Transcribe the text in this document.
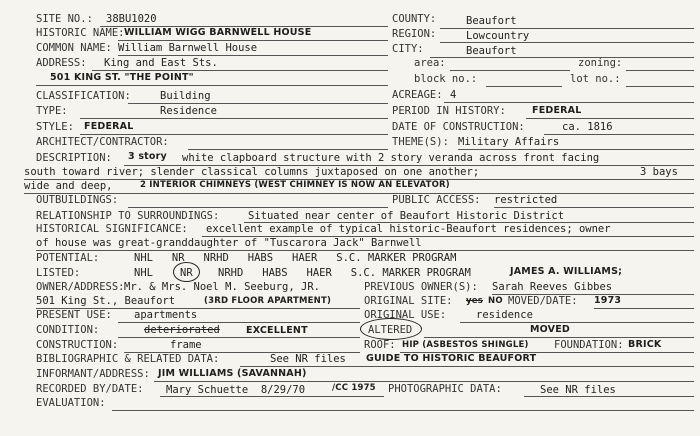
SITE NO.: 38BU1020
HISTORIC NAME: WILLIAM WIGG BARNWELL HOUSE
COMMON NAME: William Barnwell House
ADDRESS: King and East Sts.
501 KING ST. "THE POINT"
CLASSIFICATION:	Building
TYPE:	Residence
STYLE: FEDERAL
ARCHITECT/CONTRACTOR:
DESCRIPTION: 3 story white clapboard structure with 2 story veranda across front facing
south toward river; slender classical columns juxtaposed on one another;	3 bays
wide and deep,	2 INTERIOR CHIMNEYS (WEST CHIMNEY IS NOW AN ELEVATOR)
OUTBUILDINGS:
RELATIONSHIP TO SURROUNDINGS:	Situated near center of Beaufort Historic District
HISTORICAL SIGNIFICANCE: excellent example of typical historic-Beaufort residences; owner
of house was great-granddaughter of "Tuscarora Jack" Barnwell
POTENTIAL:	NHL   NR   NRHD   HABS   HAER   S.C. MARKER PROGRAM
LISTED:	NHL	NR NRHD   HABS   HAER   S.C. MARKER PROGRAM	JAMES A. WILLIAMS;
OWNER/ADDRESS: Mr. & Mrs. Noel M. Seeburg, JR.
501 King St., Beaufort	(3RD FLOOR APARTMENT)
PRESENT USE: apartments
CONDITION:	deteriorated	EXCELLENT
CONSTRUCTION:	frame
BIBLIOGRAPHIC & RELATED DATA:	See NR files GUIDE TO HISTORIC BEAUFORT
INFORMANT/ADDRESS: JIM WILLIAMS (SAVANNAH)
RECORDED BY/DATE: Mary Schuette  8/29/70	/CC 1975
EVALUATION:
COUNTY:	Beaufort
REGION:	Lowcountry
CITY:	Beaufort
area:	zoning:
block no.:	lot no.:
ACREAGE: 4
PERIOD IN HISTORY:	FEDERAL
DATE OF CONSTRUCTION:	ca. 1816
THEME(S): Military Affairs
PUBLIC ACCESS: restricted
PREVIOUS OWNER(S): Sarah Reeves Gibbes
ORIGINAL SITE: yes NO MOVED/DATE: 1973
ORIGINAL USE:	residence
ALTERED	MOVED
ROOF: HIP (ASBESTOS SHINGLE) FOUNDATION: BRICK
PHOTOGRAPHIC DATA:	See NR files
